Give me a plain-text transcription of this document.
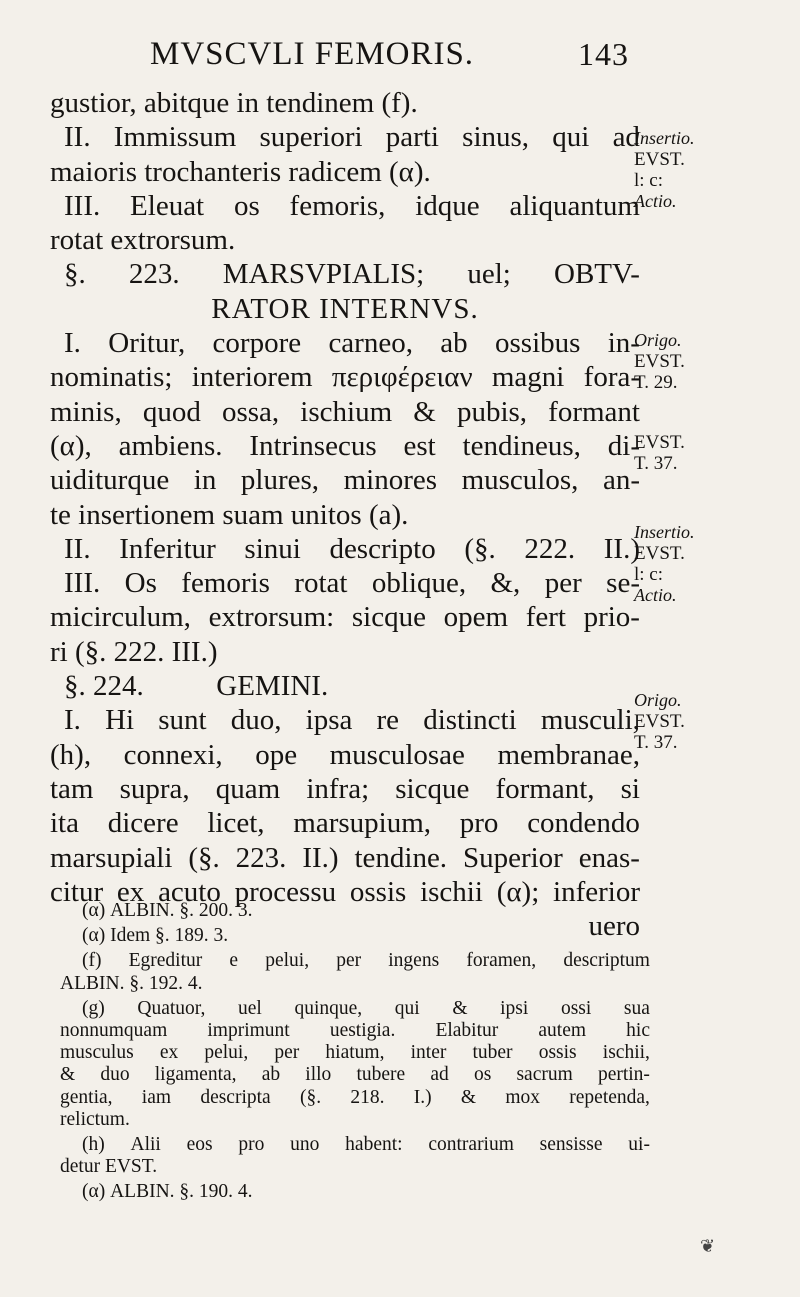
MVSCVLI FEMORIS.	143
gustior, abitque in tendinem (f).
II. Immissum superiori parti sinus, qui ad
maioris trochanteris radicem (α).
III. Eleuat os femoris, idque aliquantum
rotat extrorsum.
§. 223. MARSVPIALIS; uel; OBTV-
RATOR INTERNVS.
I. Oritur, corpore carneo, ab ossibus in-
nominatis; interiorem περιφέρειαν magni fora-
minis, quod ossa, ischium & pubis, formant
(α), ambiens. Intrinsecus est tendineus, di-
uiditurque in plures, minores musculos, an-
te insertionem suam unitos (a).
II. Inferitur sinui descripto (§. 222. II.)
III. Os femoris rotat oblique, &, per se-
micirculum, extrorsum: sicque opem fert prio-
ri (§. 222. III.)
§. 224.          GEMINI.
I. Hi sunt duo, ipsa re distincti musculi,
(h), connexi, ope musculosae membranae,
tam supra, quam infra; sicque formant, si
ita dicere licet, marsupium, pro condendo
marsupiali (§. 223. II.) tendine. Superior enas-
citur ex acuto processu ossis ischii (α); inferior
uero
Insertio.
EVST.
l: c:
Actio.
Origo.
EVST.
T. 29.
EVST.
T. 37.
Insertio.
EVST.
l: c:
Actio.
Origo.
EVST.
T. 37.
(α) ALBIN. §. 200. 3.
(α) Idem §. 189. 3.
(f) Egreditur e pelui, per ingens foramen, descriptum
ALBIN. §. 192. 4.
(g) Quatuor, uel quinque, qui & ipsi ossi sua
nonnumquam imprimunt uestigia. Elabitur autem hic
musculus ex pelui, per hiatum, inter tuber ossis ischii,
& duo ligamenta, ab illo tubere ad os sacrum pertin-
gentia, iam descripta (§. 218. I.) & mox repetenda,
relictum.
(h) Alii eos pro uno habent: contrarium sensisse ui-
detur EVST.
(α) ALBIN. §. 190. 4.
❦
